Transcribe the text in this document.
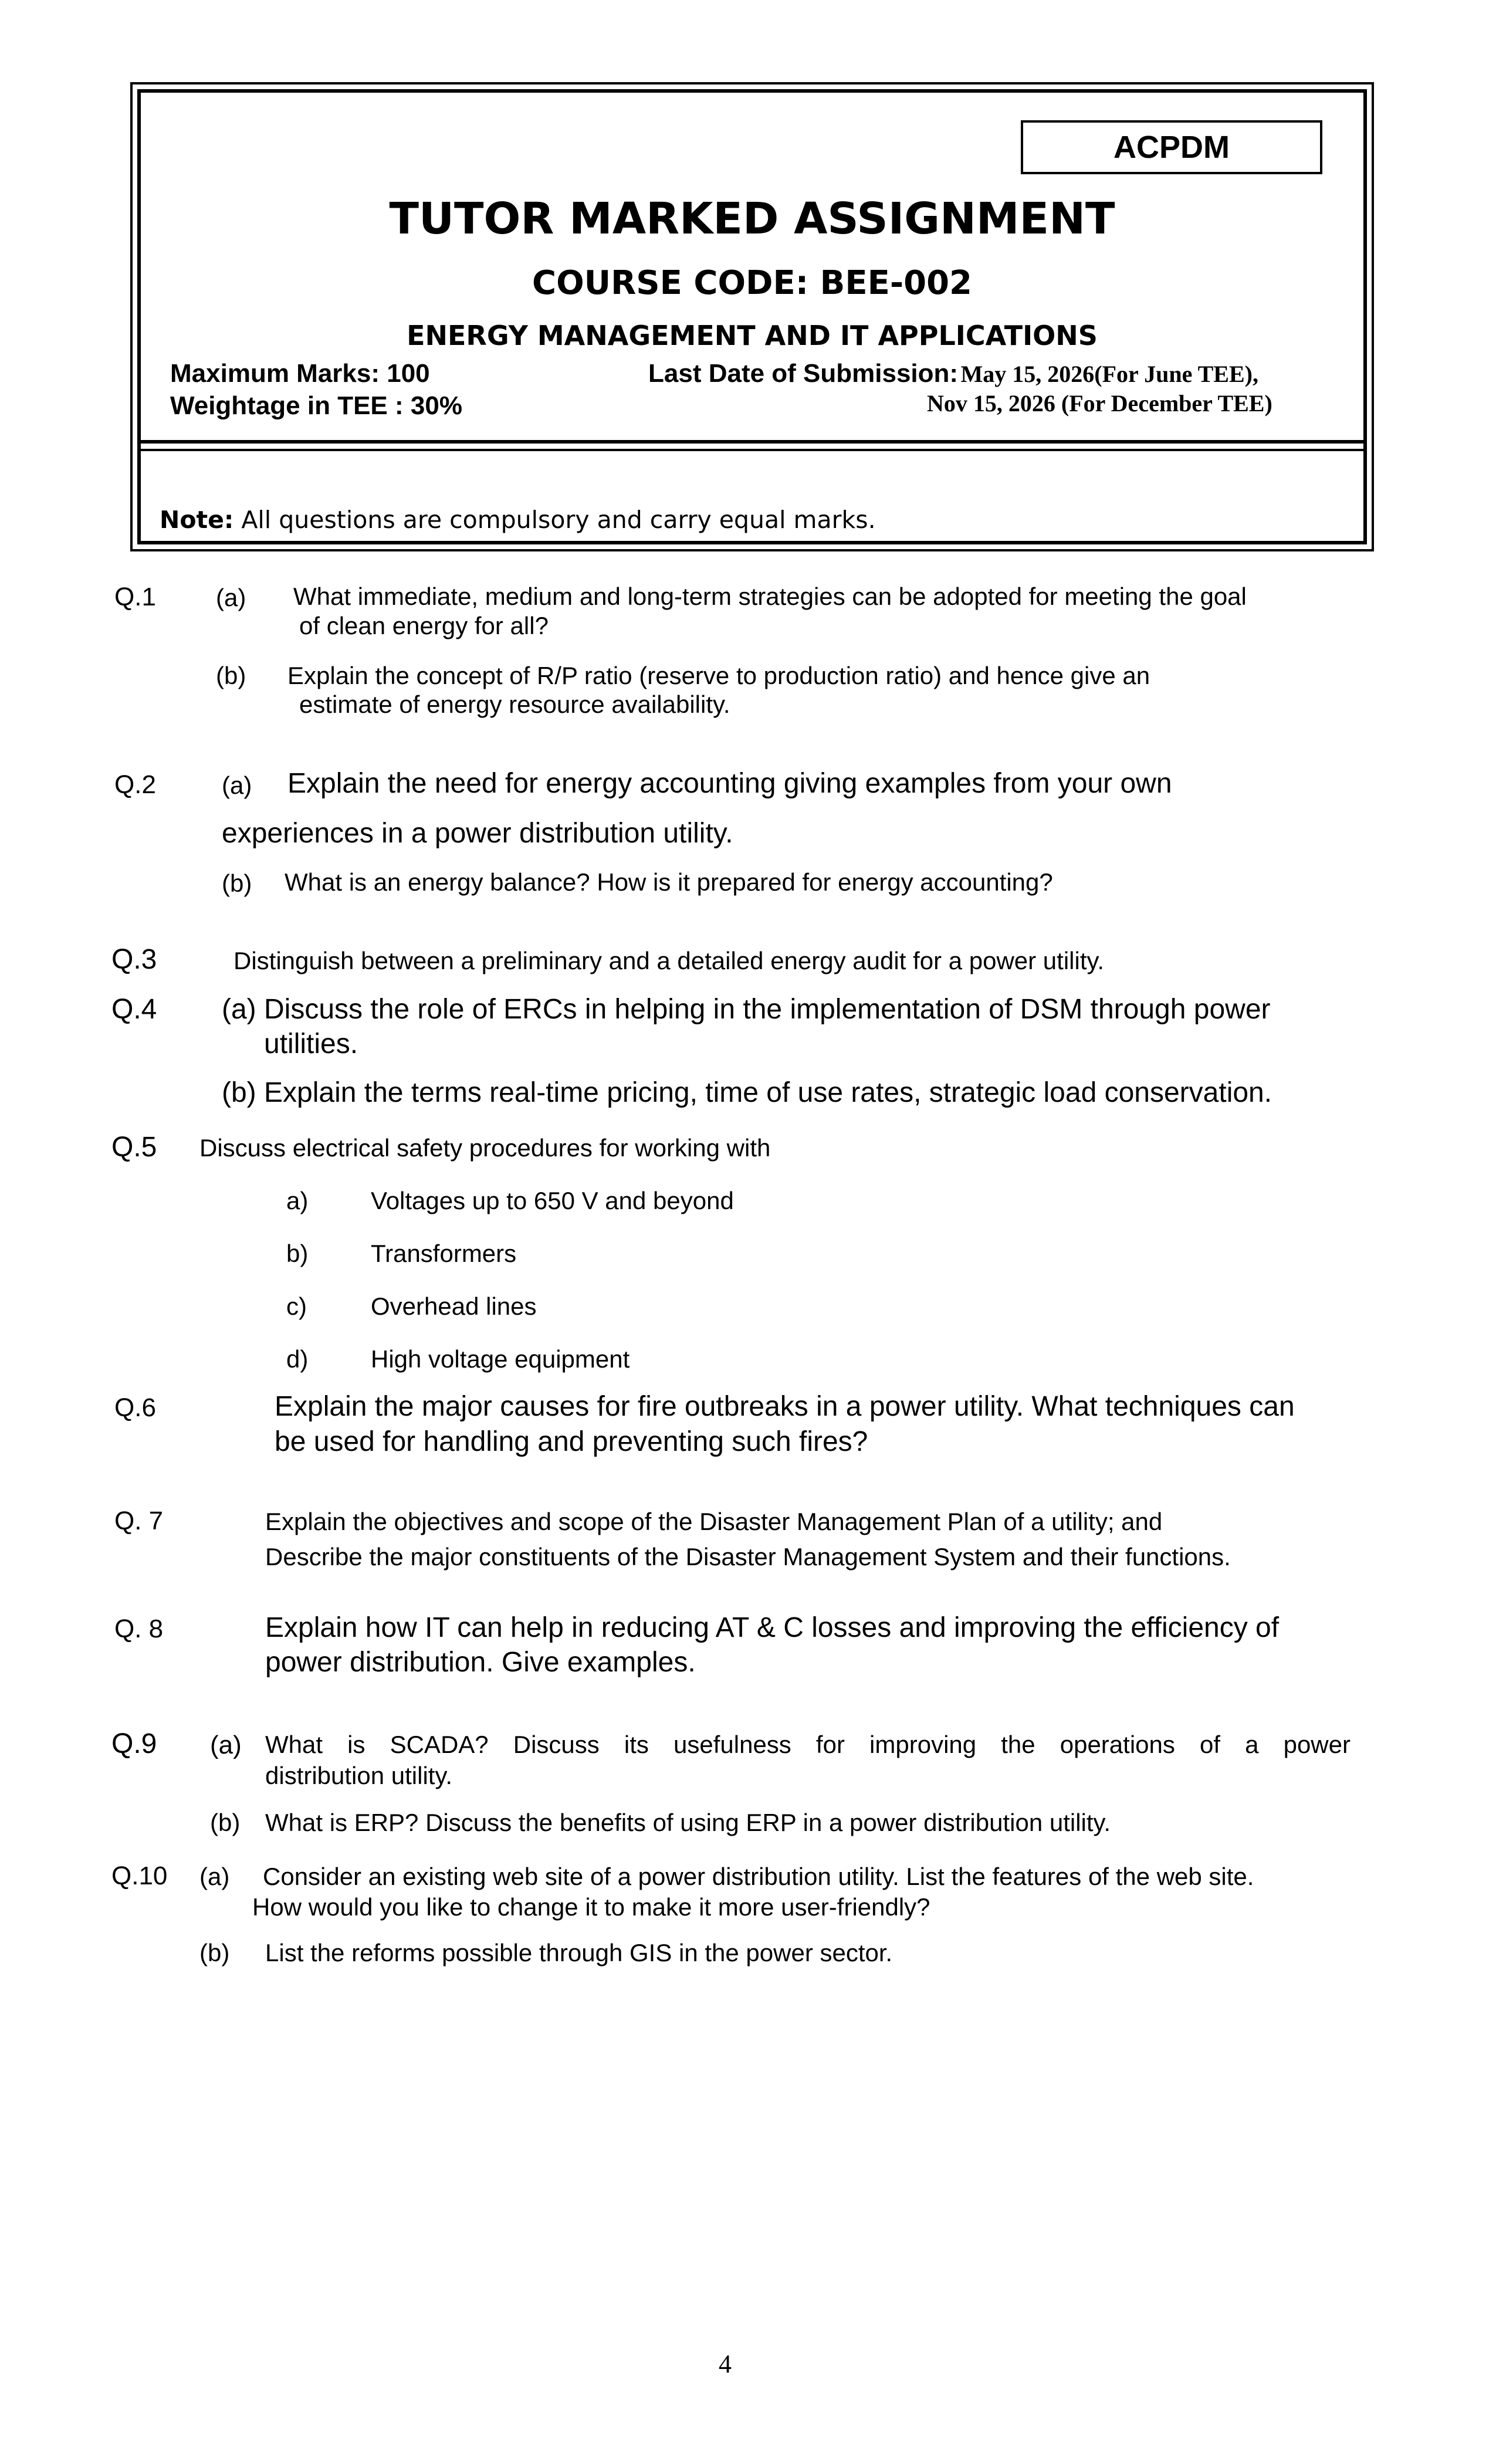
ACPDM
TUTOR MARKED ASSIGNMENT
COURSE CODE: BEE-002
ENERGY MANAGEMENT AND IT APPLICATIONS
Maximum Marks: 100
Weightage in TEE : 30%
Last Date of Submission: May 15, 2026(For June TEE),
Nov 15, 2026 (For December TEE)
Note: All questions are compulsory and carry equal marks.
Q.1 (a) What immediate, medium and long-term strategies can be adopted for meeting the goal
of clean energy for all?
(b) Explain the concept of R/P ratio (reserve to production ratio) and hence give an
estimate of energy resource availability.
Q.2	(a) Explain the need for energy accounting giving examples from your own
experiences in a power distribution utility.
(b) What is an energy balance? How is it prepared for energy accounting?
Q.3	Distinguish between a preliminary and a detailed energy audit for a power utility.
Q.4 (a) Discuss the role of ERCs in helping in the implementation of DSM through power
utilities.
(b) Explain the terms real-time pricing, time of use rates, strategic load conservation.
Q.5 Discuss electrical safety procedures for working with
a)	Voltages up to 650 V and beyond
b)	Transformers
c)	Overhead lines
d)	High voltage equipment
Q.6	Explain the major causes for fire outbreaks in a power utility. What techniques can
be used for handling and preventing such fires?
Q. 7	Explain the objectives and scope of the Disaster Management Plan of a utility; and
Describe the major constituents of the Disaster Management System and their functions.
Q. 8	Explain how IT can help in reducing AT & C losses and improving the efficiency of
power distribution. Give examples.
Q.9 (a) What is SCADA? Discuss its usefulness for improving the operations of a power
distribution utility.
(b) What is ERP? Discuss the benefits of using ERP in a power distribution utility.
Q.10 (a) Consider an existing web site of a power distribution utility. List the features of the web site.
How would you like to change it to make it more user-friendly?
(b) List the reforms possible through GIS in the power sector.
4
